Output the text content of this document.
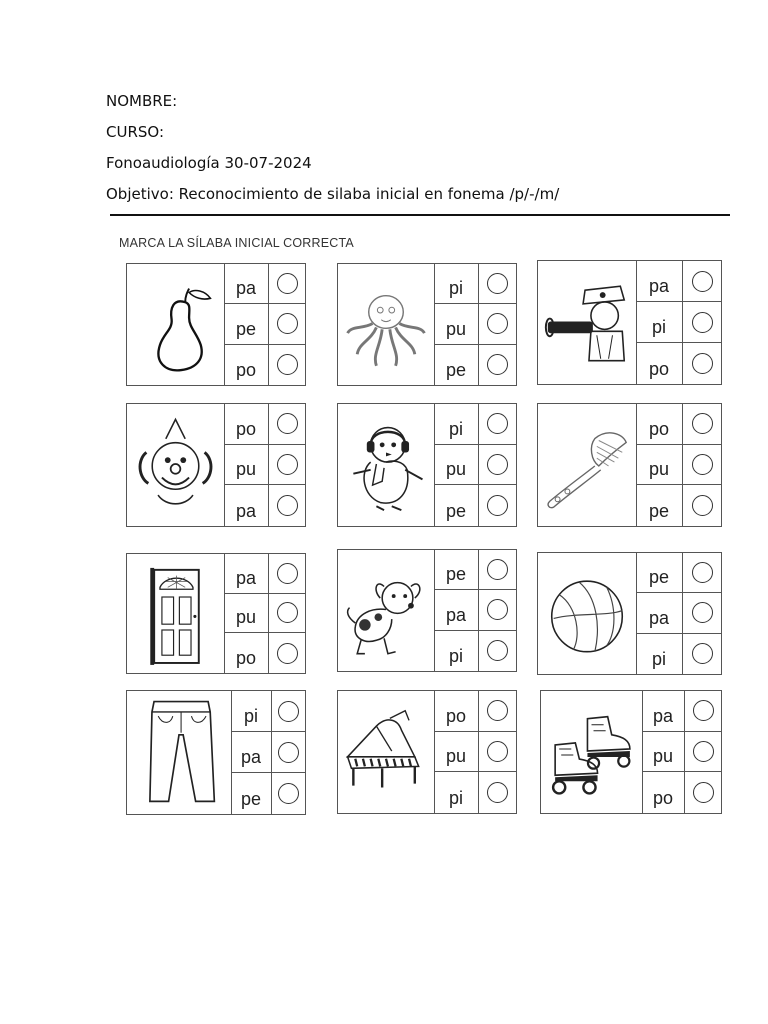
NOMBRE:
CURSO:
Fonoaudiología 30-07-2024
Objetivo: Reconocimiento de silaba inicial en fonema /p/-/m/
MARCA LA SÍLABA INICIAL CORRECTA
pa
pe
po
pi
pu
pe
pa
pi
po
po
pu
pa
pi
pu
pe
po
pu
pe
pa
pu
po
pe
pa
pi
pe
pa
pi
pi
pa
pe
po
pu
pi
pa
pu
po
